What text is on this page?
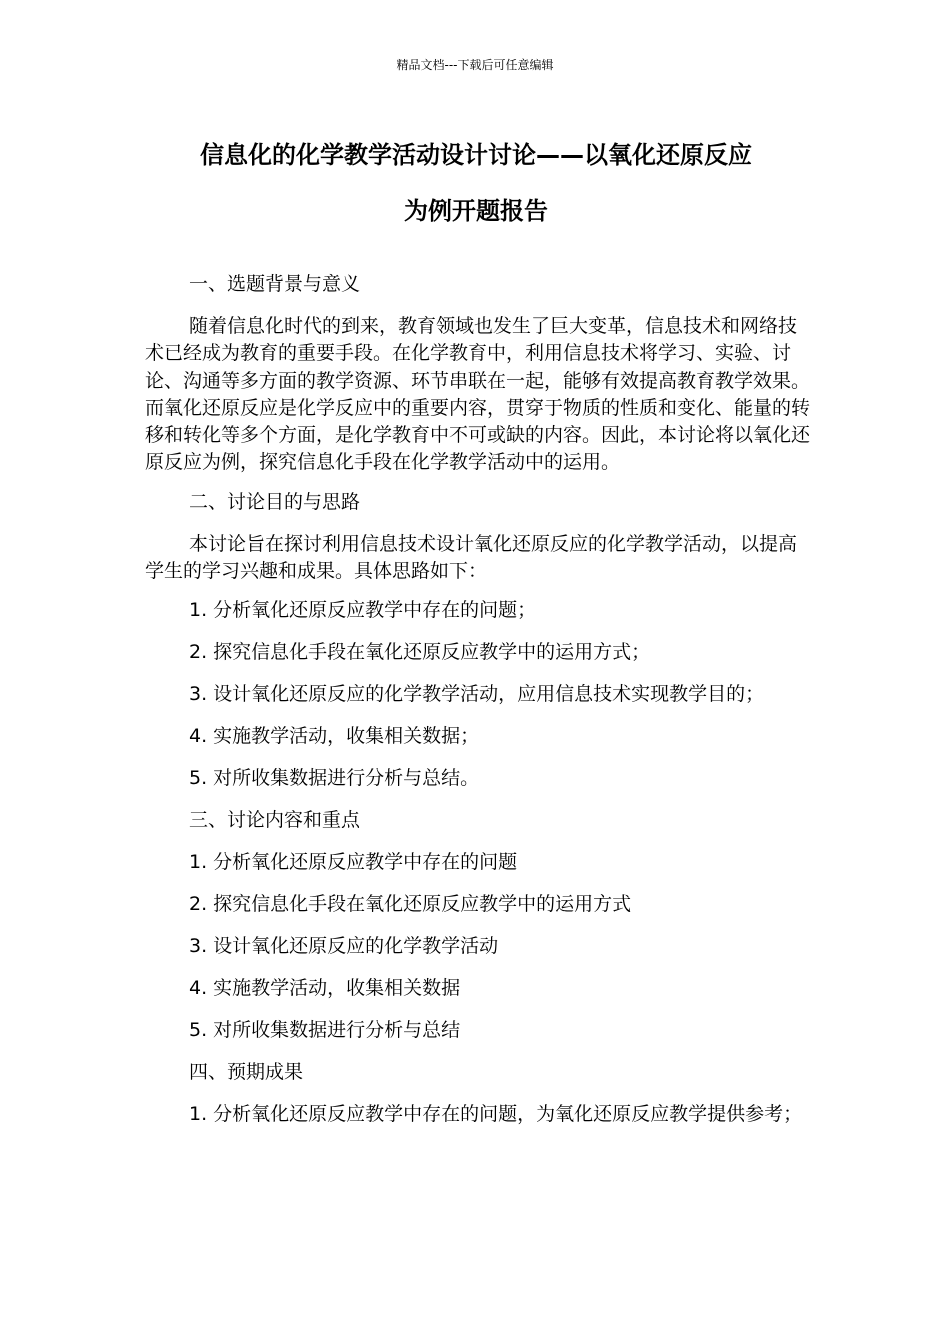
精品文档---下载后可任意编辑
信息化的化学教学活动设计讨论——以氧化还原反应
为例开题报告

一、选题背景与意义

随着信息化时代的到来，教育领域也发生了巨大变革，信息技术和网络技术已经成为教育的重要手段。在化学教育中，利用信息技术将学习、实验、讨论、沟通等多方面的教学资源、环节串联在一起，能够有效提高教育教学效果。而氧化还原反应是化学反应中的重要内容，贯穿于物质的性质和变化、能量的转移和转化等多个方面，是化学教育中不可或缺的内容。因此，本讨论将以氧化还原反应为例，探究信息化手段在化学教学活动中的运用。

二、讨论目的与思路

本讨论旨在探讨利用信息技术设计氧化还原反应的化学教学活动，以提高学生的学习兴趣和成果。具体思路如下：

1. 分析氧化还原反应教学中存在的问题；

2. 探究信息化手段在氧化还原反应教学中的运用方式；

3. 设计氧化还原反应的化学教学活动，应用信息技术实现教学目的；

4. 实施教学活动，收集相关数据；

5. 对所收集数据进行分析与总结。

三、讨论内容和重点

1. 分析氧化还原反应教学中存在的问题

2. 探究信息化手段在氧化还原反应教学中的运用方式

3. 设计氧化还原反应的化学教学活动

4. 实施教学活动，收集相关数据

5. 对所收集数据进行分析与总结

四、预期成果

1. 分析氧化还原反应教学中存在的问题，为氧化还原反应教学提供参考；
